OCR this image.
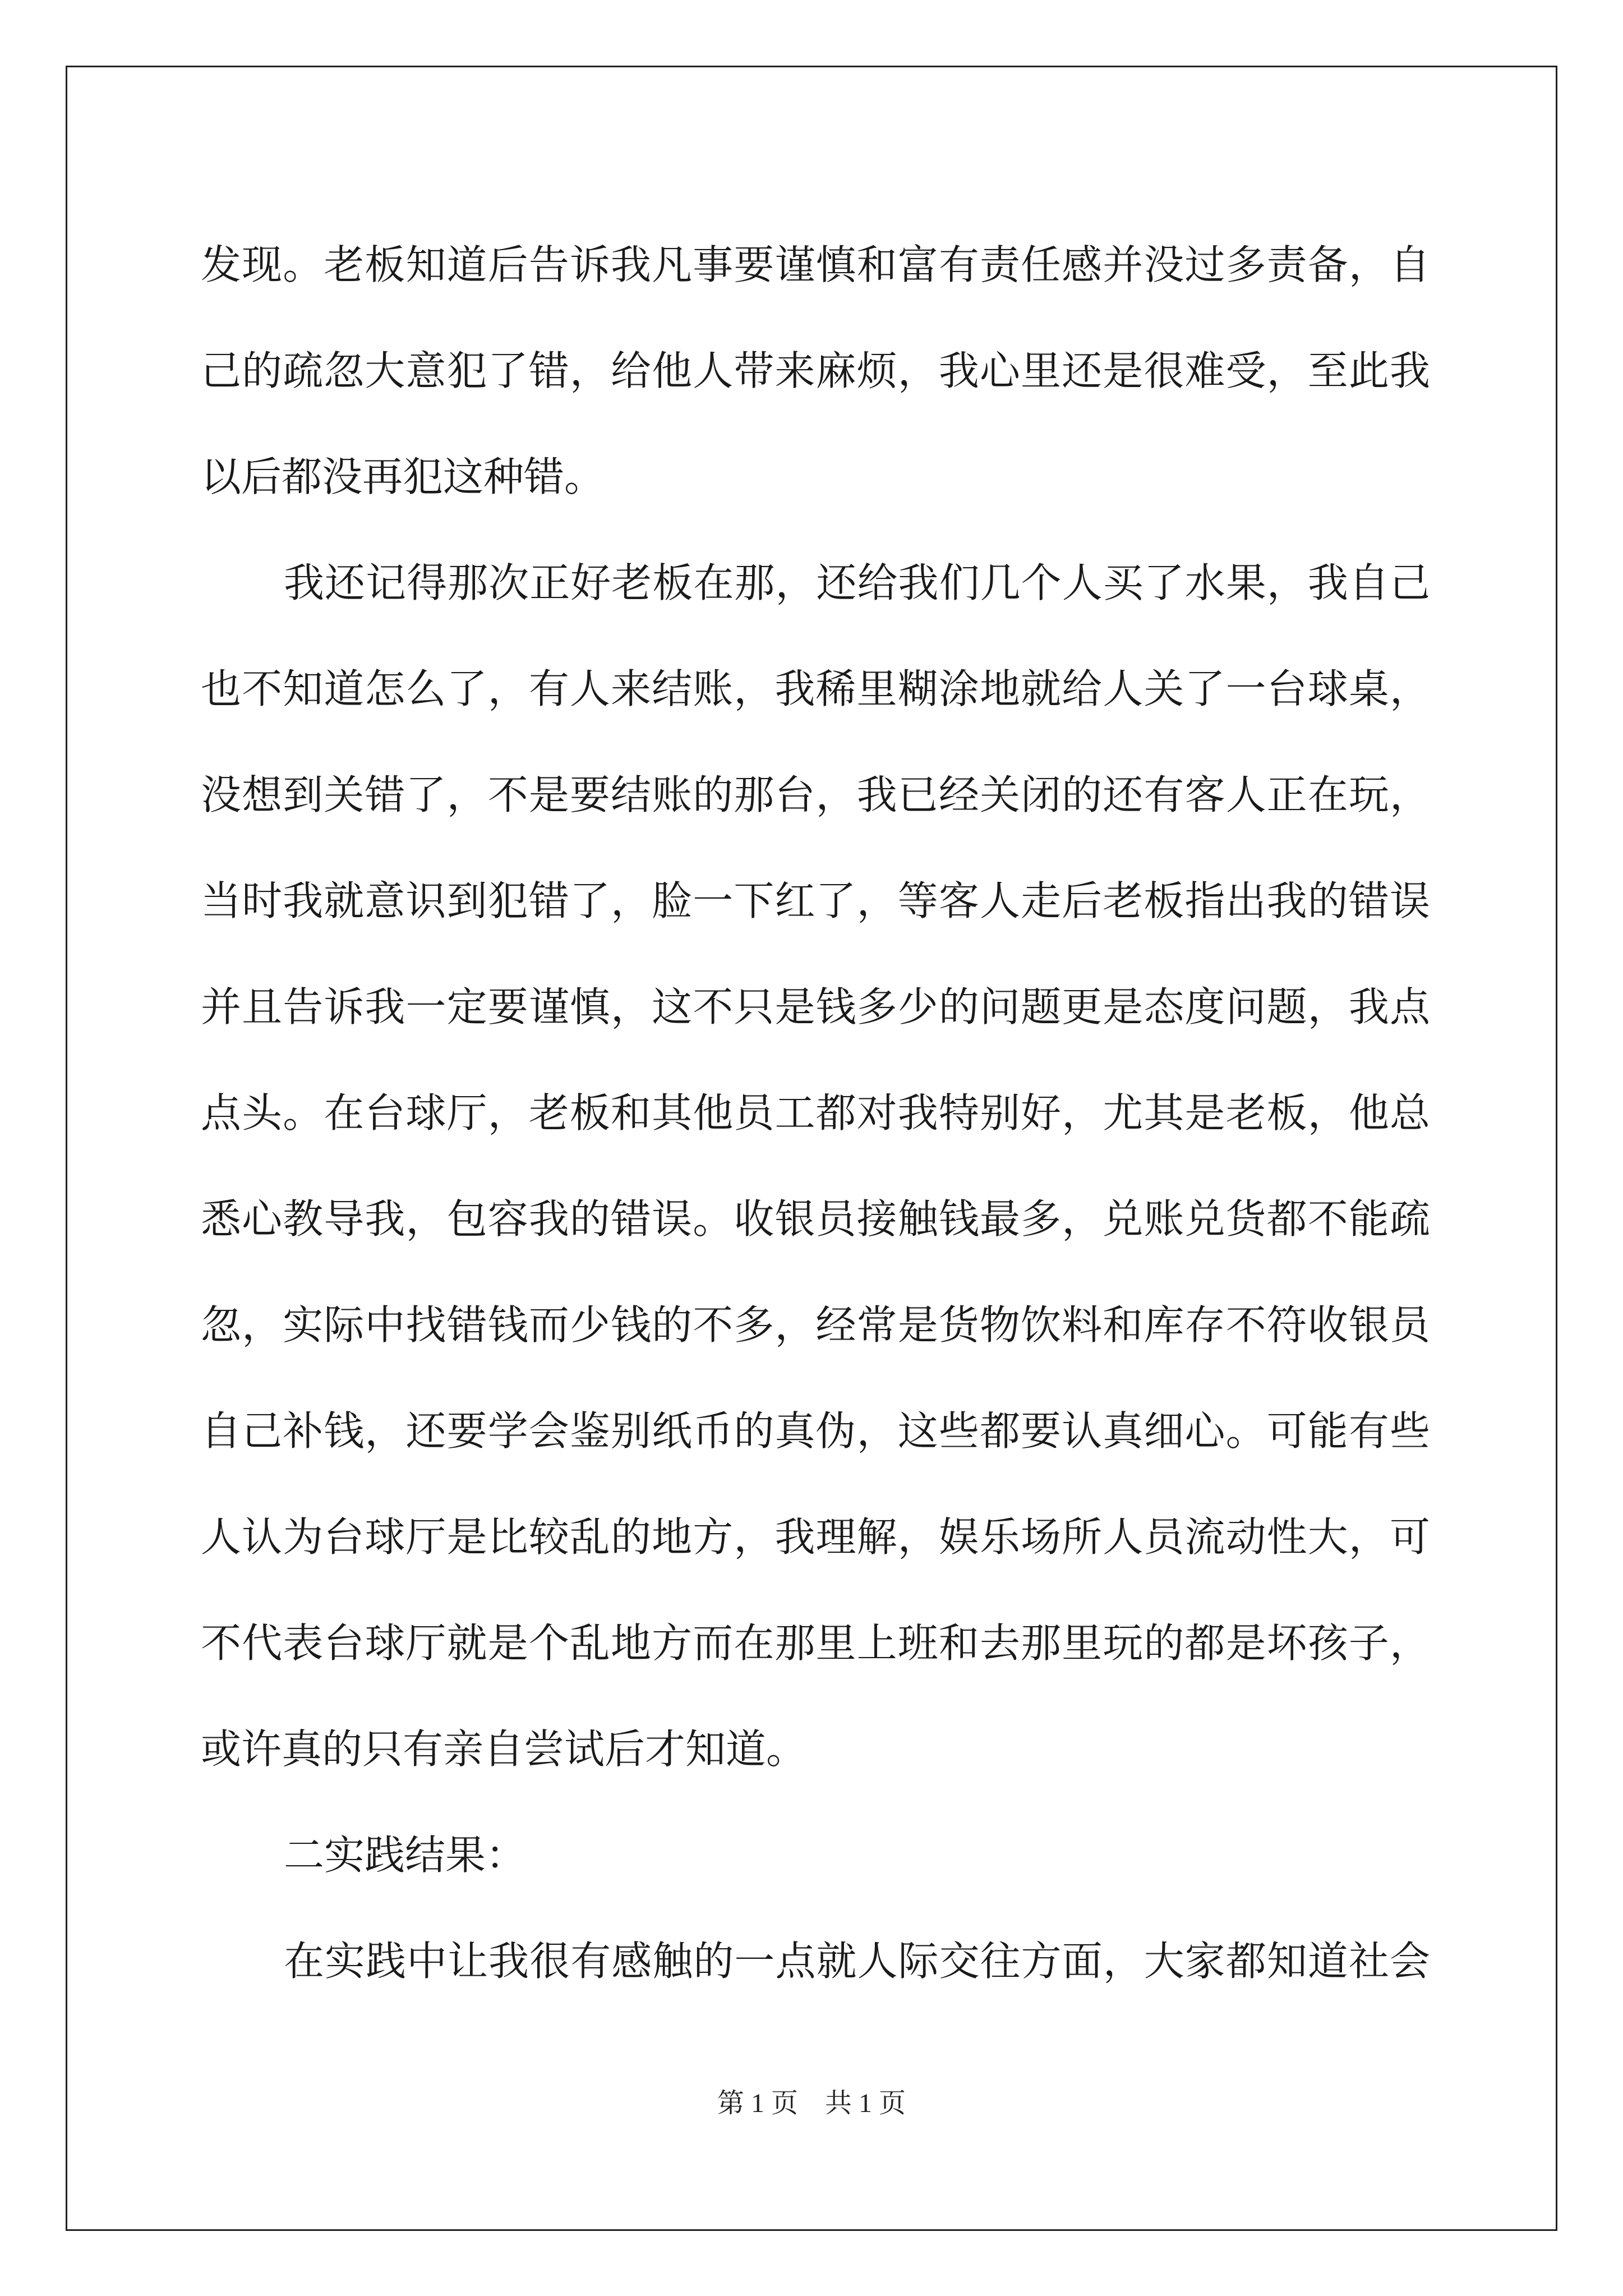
发现。老板知道后告诉我凡事要谨慎和富有责任感并没过多责备，自
己的疏忽大意犯了错，给他人带来麻烦，我心里还是很难受，至此我
以后都没再犯这种错。
我还记得那次正好老板在那，还给我们几个人买了水果，我自己
也不知道怎么了，有人来结账，我稀里糊涂地就给人关了一台球桌，
没想到关错了，不是要结账的那台，我已经关闭的还有客人正在玩，
当时我就意识到犯错了，脸一下红了，等客人走后老板指出我的错误
并且告诉我一定要谨慎，这不只是钱多少的问题更是态度问题，我点
点头。在台球厅，老板和其他员工都对我特别好，尤其是老板，他总
悉心教导我，包容我的错误。收银员接触钱最多，兑账兑货都不能疏
忽，实际中找错钱而少钱的不多，经常是货物饮料和库存不符收银员
自己补钱，还要学会鉴别纸币的真伪，这些都要认真细心。可能有些
人认为台球厅是比较乱的地方，我理解，娱乐场所人员流动性大，可
不代表台球厅就是个乱地方而在那里上班和去那里玩的都是坏孩子，
或许真的只有亲自尝试后才知道。
二实践结果：
在实践中让我很有感触的一点就人际交往方面，大家都知道社会
第 1 页 共 1 页
